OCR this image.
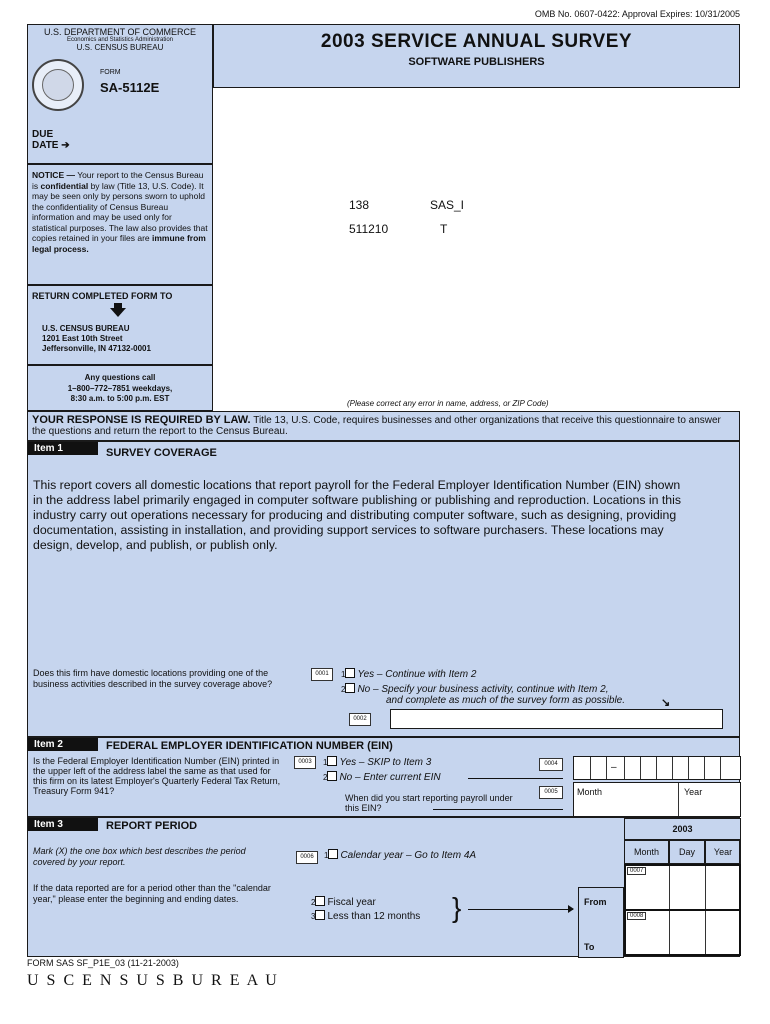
OMB No. 0607-0422: Approval Expires: 10/31/2005
U.S. DEPARTMENT OF COMMERCE
Economics and Statistics Administration
U.S. CENSUS BUREAU
FORM
SA-5112E
DUE
DATE ➔
NOTICE — Your report to the Census Bureau is confidential by law (Title 13, U.S. Code). It may be seen only by persons sworn to uphold the confidentiality of Census Bureau information and may be used only for statistical purposes. The law also provides that copies retained in your files are immune from legal process.
RETURN COMPLETED FORM TO
U.S. CENSUS BUREAU
1201 East 10th Street
Jeffersonville, IN 47132-0001
Any questions call
1–800–772–7851 weekdays,
8:30 a.m. to 5:00 p.m. EST
2003 SERVICE ANNUAL SURVEY
SOFTWARE PUBLISHERS
138	SAS_I
511210	T
(Please correct any error in name, address, or ZIP Code)
YOUR RESPONSE IS REQUIRED BY LAW. Title 13, U.S. Code, requires businesses and other organizations that receive this questionnaire to answer the questions and return the report to the Census Bureau.
Item 1	SURVEY COVERAGE
This report covers all domestic locations that report payroll for the Federal Employer Identification Number (EIN) shown in the address label primarily engaged in computer software publishing or publishing and reproduction. Locations in this industry carry out operations necessary for producing and distributing computer software, such as designing, providing documentation, assisting in installation, and providing support services to software purchasers. These locations may design, develop, and publish, or publish only.
Does this firm have domestic locations providing one of the business activities described in the survey coverage above?
0001	1 Yes – Continue with Item 2
2 No – Specify your business activity, continue with Item 2,
and complete as much of the survey form as possible.	↘
0002
Item 2	FEDERAL EMPLOYER IDENTIFICATION NUMBER (EIN)
Is the Federal Employer Identification Number (EIN) printed in the upper left of the address label the same as that used for this firm on its latest Employer's Quarterly Federal Tax Return, Treasury Form 941?
0003	1 Yes – SKIP to Item 3
2 No – Enter current EIN
0004	–
When did you start reporting payroll under this EIN?
0005	Month	Year
Item 3	REPORT PERIOD
Mark (X) the one box which best describes the period covered by your report.	0006	1 Calendar year – Go to Item 4A
If the data reported are for a period other than the "calendar year," please enter the beginning and ending dates.	2 Fiscal year
3 Less than 12 months }	From
To
2003
Month	Day	Year
0007
0008
FORM SAS SF_P1E_03 (11-21-2003)
U S C E N S U S B U R E A U
